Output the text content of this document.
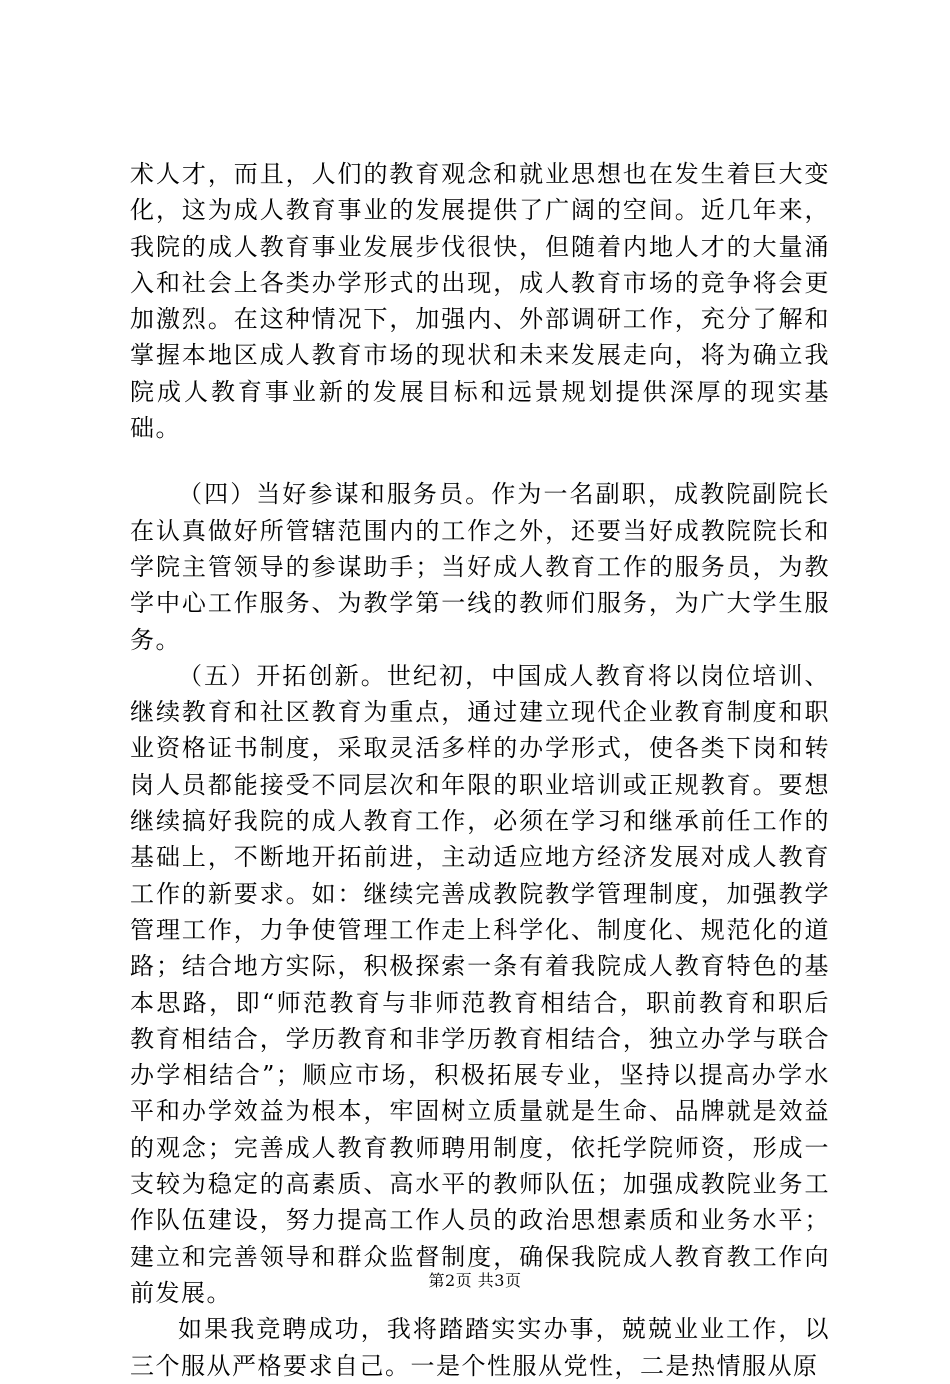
术人才，而且，人们的教育观念和就业思想也在发生着巨大变化，这为成人教育事业的发展提供了广阔的空间。近几年来，我院的成人教育事业发展步伐很快，但随着内地人才的大量涌入和社会上各类办学形式的出现，成人教育市场的竞争将会更加激烈。在这种情况下，加强内、外部调研工作，充分了解和掌握本地区成人教育市场的现状和未来发展走向，将为确立我院成人教育事业新的发展目标和远景规划提供深厚的现实基础。

（四）当好参谋和服务员。作为一名副职，成教院副院长在认真做好所管辖范围内的工作之外，还要当好成教院院长和学院主管领导的参谋助手；当好成人教育工作的服务员，为教学中心工作服务、为教学第一线的教师们服务，为广大学生服务。

（五）开拓创新。世纪初，中国成人教育将以岗位培训、继续教育和社区教育为重点，通过建立现代企业教育制度和职业资格证书制度，采取灵活多样的办学形式，使各类下岗和转岗人员都能接受不同层次和年限的职业培训或正规教育。要想继续搞好我院的成人教育工作，必须在学习和继承前任工作的基础上，不断地开拓前进，主动适应地方经济发展对成人教育工作的新要求。如：继续完善成教院教学管理制度，加强教学管理工作，力争使管理工作走上科学化、制度化、规范化的道路；结合地方实际，积极探索一条有着我院成人教育特色的基本思路，即“师范教育与非师范教育相结合，职前教育和职后教育相结合，学历教育和非学历教育相结合，独立办学与联合办学相结合”；顺应市场，积极拓展专业，坚持以提高办学水平和办学效益为根本，牢固树立质量就是生命、品牌就是效益的观念；完善成人教育教师聘用制度，依托学院师资，形成一支较为稳定的高素质、高水平的教师队伍；加强成教院业务工作队伍建设，努力提高工作人员的政治思想素质和业务水平；建立和完善领导和群众监督制度，确保我院成人教育教工作向前发展。

如果我竞聘成功，我将踏踏实实办事，兢兢业业工作，以三个服从严格要求自己。一是个性服从党性，二是热情服从原

第2页 共3页
